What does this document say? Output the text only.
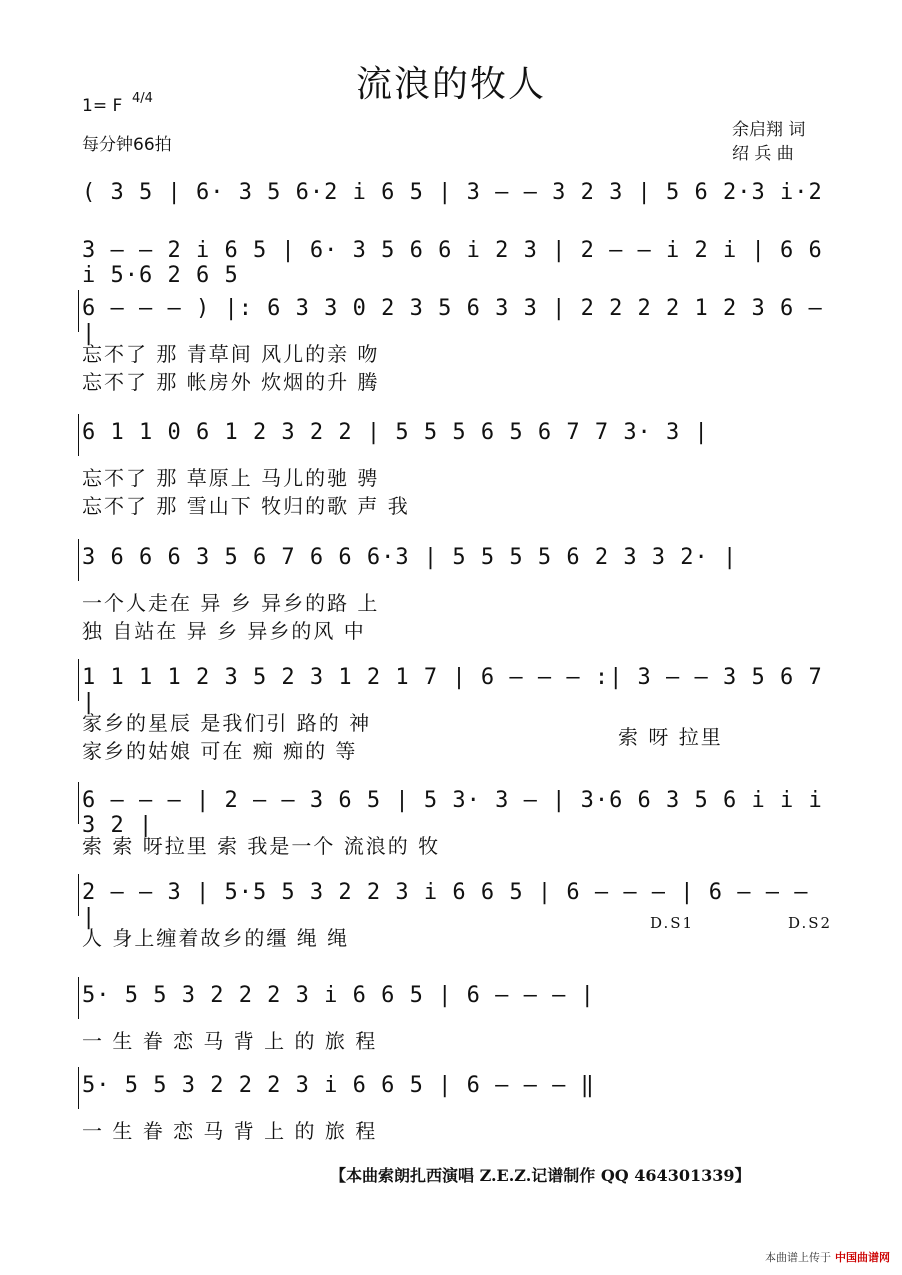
流浪的牧人
1= F 4/4
每分钟66拍
余启翔 词
绍 兵 曲
( 3 5 | 6· 3 5 6·2 i 6 5 | 3 — — 3 2 3 | 5 6 2·3 i·2
3 — — 2 i 6 5 | 6· 3 5 6 6 i 2 3 | 2 — — i 2 i | 6 6 i 5·6 2 6 5
6 — — — ) |: 6 3 3 0 2 3 5 6 3 3 | 2 2 2 2 1 2 3 6 — |
忘不了 那 青草间 风儿的亲 吻
忘不了 那 帐房外 炊烟的升 腾
6 1 1 0 6 1 2 3 2 2 | 5 5 5 6 5 6 7 7 3· 3 |
忘不了 那 草原上 马儿的驰 骋
忘不了 那 雪山下 牧归的歌 声 我
3 6 6 6 3 5 6 7 6 6 6·3 | 5 5 5 5 6 2 3 3 2· |
一个人走在 异 乡 异乡的路 上
独 自站在 异 乡 异乡的风 中
1 1 1 1 2 3 5 2 3 1 2 1 7 | 6 — — — :| 3 — — 3 5 6 7 |
家乡的星辰 是我们引 路的 神
家乡的姑娘 可在 痴 痴的 等
索 呀 拉里
6 — — — | 2 — — 3 6 5 | 5 3· 3 — | 3·6 6 3 5 6 i i i 3 2 |
索 索 呀拉里 索 我是一个 流浪的 牧
2 — — 3 | 5·5 5 3 2 2 3 i 6 6 5 | 6 — — — | 6 — — — |
人 身上缠着故乡的缰 绳 绳
D.S1	D.S2
5· 5 5 3 2 2 2 3 i 6 6 5 | 6 — — — |
一 生 眷 恋 马 背 上 的 旅 程
5· 5 5 3 2 2 2 3 i 6 6 5 | 6 — — — ‖
一 生 眷 恋 马 背 上 的 旅 程
【本曲索朗扎西演唱 Z.E.Z.记谱制作 QQ 464301339】
本曲谱上传于 中国曲谱网
